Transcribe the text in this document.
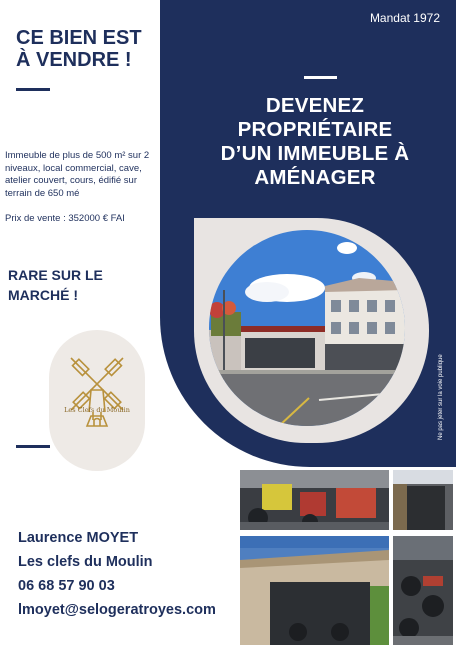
CE BIEN EST
À VENDRE !
Immeuble de plus de 500 m² sur 2 niveaux, local commercial, cave, atelier couvert, cours, édifié sur terrain de 650 mé
Prix de vente : 352000 € FAI
RARE SUR LE
MARCHÉ !
Les Clefs du Moulin
Mandat 1972
DEVENEZ
PROPRIÉTAIRE
D’UN IMMEUBLE À
AMÉNAGER
Ne pas jeter sur la voie publique
Laurence MOYET
Les clefs du Moulin
06 68 57 90 03
lmoyet@selogeratroyes.com
